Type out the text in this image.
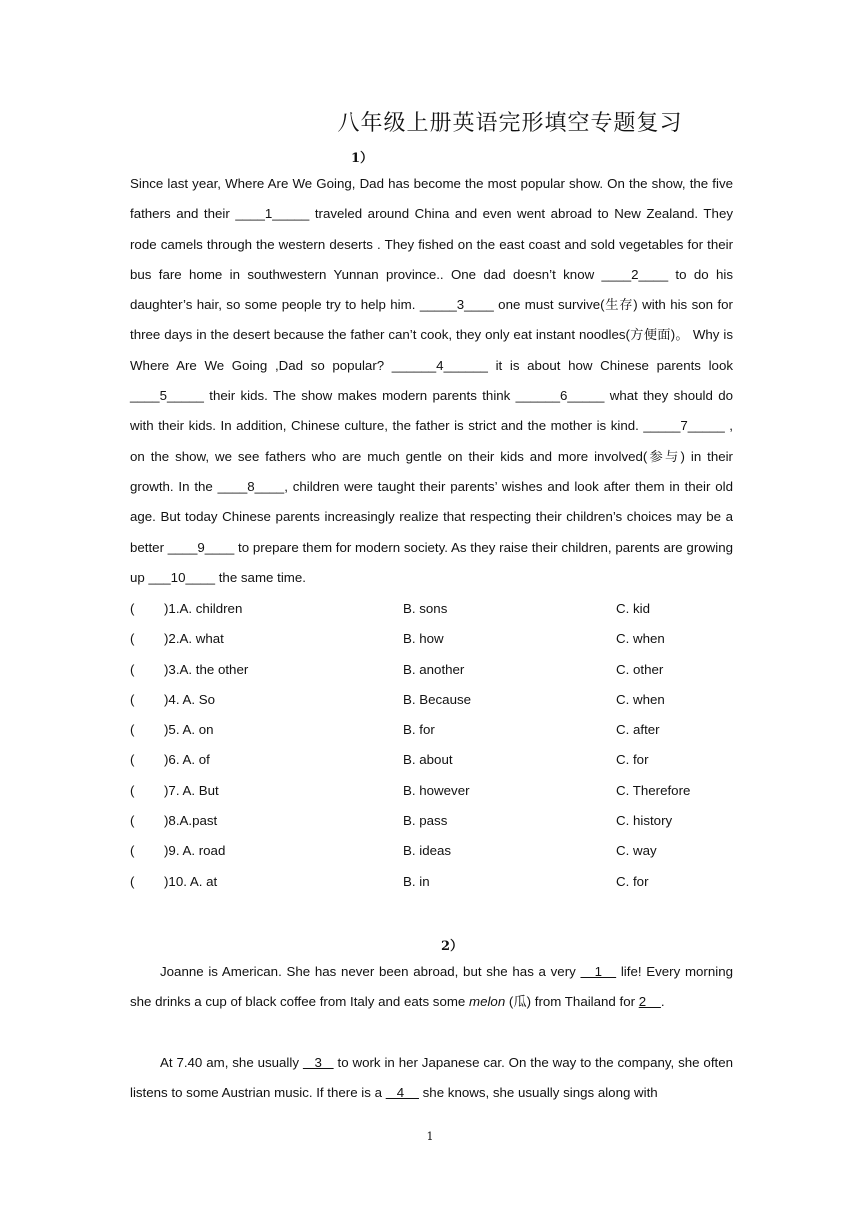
八年级上册英语完形填空专题复习
1）
Since last year, Where Are We Going, Dad has become the most popular show. On the show, the five fathers and their ____1_____ traveled around China and even went abroad to New Zealand. They rode camels through the western deserts . They fished on the east coast and sold vegetables for their bus fare home in southwestern Yunnan province.. One dad doesn’t know ____2____ to do his daughter’s hair, so some people try to help him. _____3____ one must survive(生存) with his son for three days in the desert because the father can’t cook, they only eat instant noodles(方便面)。 Why is Where Are We Going ,Dad so popular? ______4______ it is about how Chinese parents look ____5_____ their kids. The show makes modern parents think ______6_____ what they should do with their kids. In addition, Chinese culture, the father is strict and the mother is kind. _____7_____ , on the show, we see fathers who are much gentle on their kids and more involved(参与) in their growth. In the ____8____, children were taught their parents’ wishes and look after them in their old age. But today Chinese parents increasingly realize that respecting their children’s choices may be a better ____9____ to prepare them for modern society. As they raise their children, parents are growing up ___10____ the same time.
( )1.A. children	B. sons	C. kid
( )2.A. what	B. how	C. when
( )3.A. the other	B. another	C. other
( )4. A. So	B. Because	C. when
( )5. A. on	B. for	C. after
( )6. A. of	B. about	C. for
( )7. A. But	B. however	C. Therefore
( )8.A.past	B. pass	C. history
( )9. A. road	B. ideas	C. way
( )10. A. at	B. in	C. for
2）
Joanne is American. She has never been abroad, but she has a very    1    life! Every morning she drinks a cup of black coffee from Italy and eats some melon (瓜) from Thailand for 2    .
At 7.40 am, she usually    3    to work in her Japanese car. On the way to the company, she often listens to some Austrian music. If there is a    4     she knows, she usually sings along with
1
